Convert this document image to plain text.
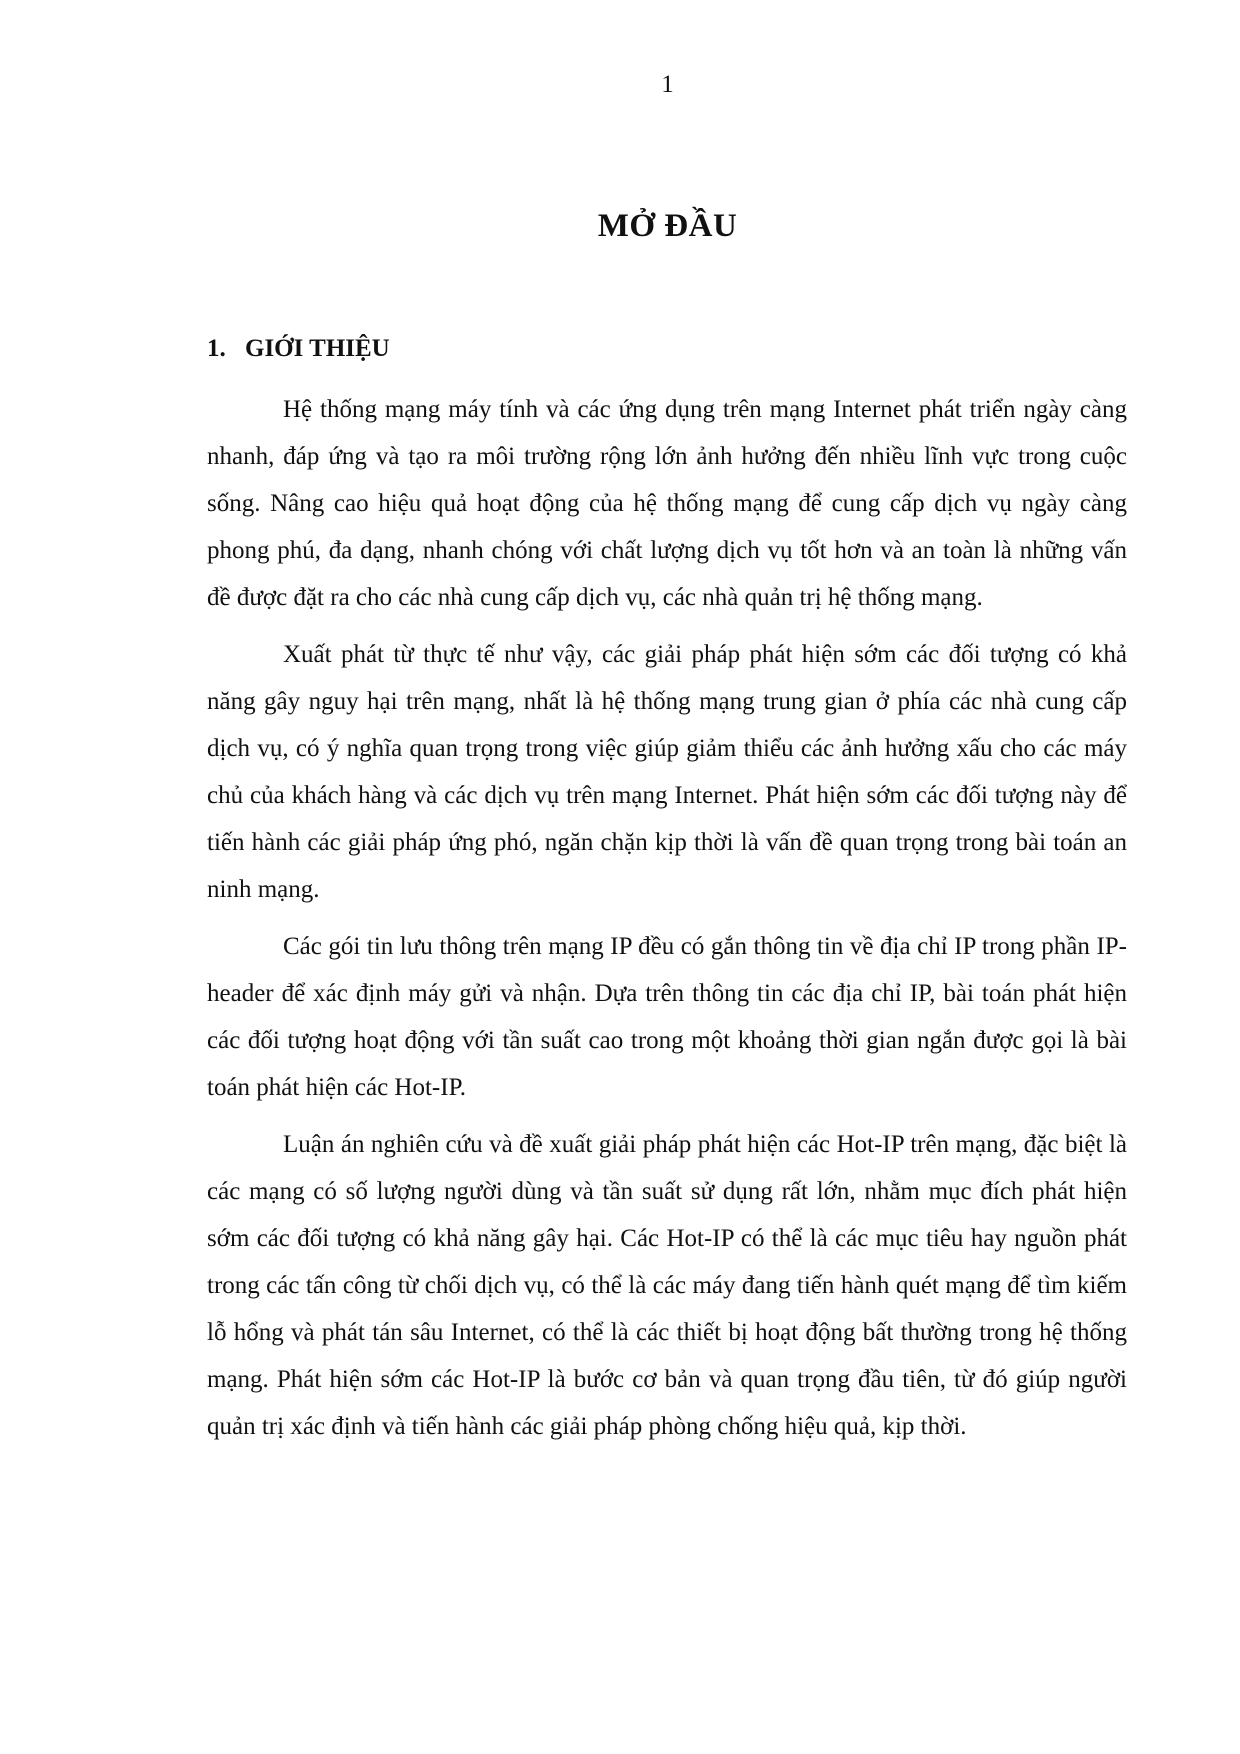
1
MỞ ĐẦU
1. GIỚI THIỆU

Hệ thống mạng máy tính và các ứng dụng trên mạng Internet phát triển ngày càng nhanh, đáp ứng và tạo ra môi trường rộng lớn ảnh hưởng đến nhiều lĩnh vực trong cuộc sống. Nâng cao hiệu quả hoạt động của hệ thống mạng để cung cấp dịch vụ ngày càng phong phú, đa dạng, nhanh chóng với chất lượng dịch vụ tốt hơn và an toàn là những vấn đề được đặt ra cho các nhà cung cấp dịch vụ, các nhà quản trị hệ thống mạng.

Xuất phát từ thực tế như vậy, các giải pháp phát hiện sớm các đối tượng có khả năng gây nguy hại trên mạng, nhất là hệ thống mạng trung gian ở phía các nhà cung cấp dịch vụ, có ý nghĩa quan trọng trong việc giúp giảm thiểu các ảnh hưởng xấu cho các máy chủ của khách hàng và các dịch vụ trên mạng Internet. Phát hiện sớm các đối tượng này để tiến hành các giải pháp ứng phó, ngăn chặn kịp thời là vấn đề quan trọng trong bài toán an ninh mạng.

Các gói tin lưu thông trên mạng IP đều có gắn thông tin về địa chỉ IP trong phần IP-header để xác định máy gửi và nhận. Dựa trên thông tin các địa chỉ IP, bài toán phát hiện các đối tượng hoạt động với tần suất cao trong một khoảng thời gian ngắn được gọi là bài toán phát hiện các Hot-IP.

Luận án nghiên cứu và đề xuất giải pháp phát hiện các Hot-IP trên mạng, đặc biệt là các mạng có số lượng người dùng và tần suất sử dụng rất lớn, nhằm mục đích phát hiện sớm các đối tượng có khả năng gây hại. Các Hot-IP có thể là các mục tiêu hay nguồn phát trong các tấn công từ chối dịch vụ, có thể là các máy đang tiến hành quét mạng để tìm kiếm lỗ hổng và phát tán sâu Internet, có thể là các thiết bị hoạt động bất thường trong hệ thống mạng. Phát hiện sớm các Hot-IP là bước cơ bản và quan trọng đầu tiên, từ đó giúp người quản trị xác định và tiến hành các giải pháp phòng chống hiệu quả, kịp thời.
